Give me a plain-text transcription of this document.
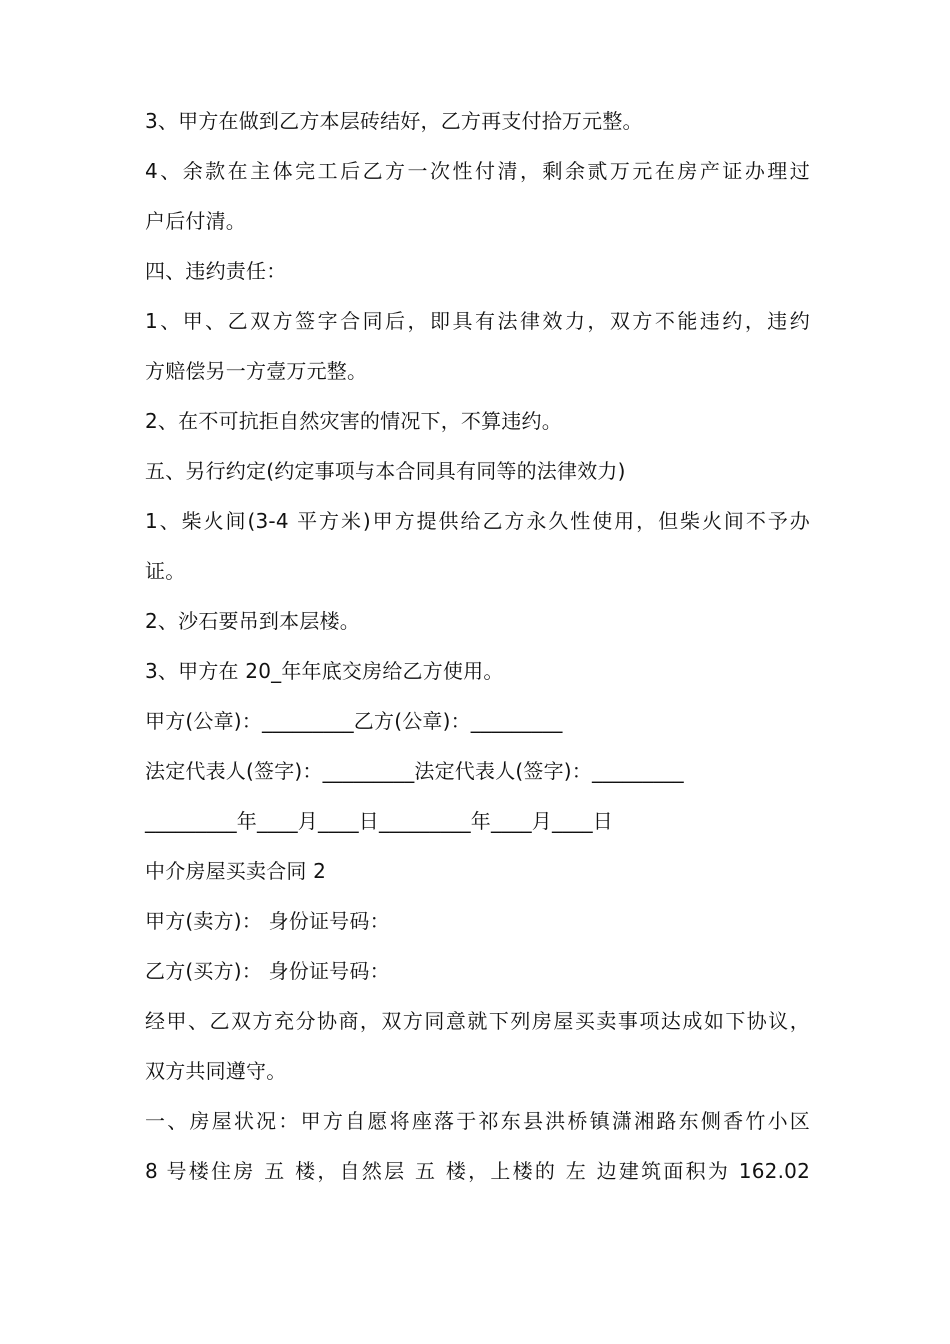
3、甲方在做到乙方本层砖结好，乙方再支付拾万元整。
4、余款在主体完工后乙方一次性付清，剩余贰万元在房产证办理过
户后付清。
四、违约责任：
1、甲、乙双方签字合同后，即具有法律效力，双方不能违约，违约
方赔偿另一方壹万元整。
2、在不可抗拒自然灾害的情况下，不算违约。
五、另行约定(约定事项与本合同具有同等的法律效力)
1、柴火间(3-4 平方米)甲方提供给乙方永久性使用，但柴火间不予办
证。
2、沙石要吊到本层楼。
3、甲方在 20_年年底交房给乙方使用。
甲方(公章)：_________乙方(公章)：_________
法定代表人(签字)：_________法定代表人(签字)：_________
_________年____月____日_________年____月____日
中介房屋买卖合同 2
甲方(卖方)： 身份证号码：
乙方(买方)： 身份证号码：
经甲、乙双方充分协商，双方同意就下列房屋买卖事项达成如下协议，
双方共同遵守。
一、房屋状况：甲方自愿将座落于祁东县洪桥镇潇湘路东侧香竹小区
8 号楼住房 五 楼，自然层 五 楼，上楼的 左 边建筑面积为 162.02
